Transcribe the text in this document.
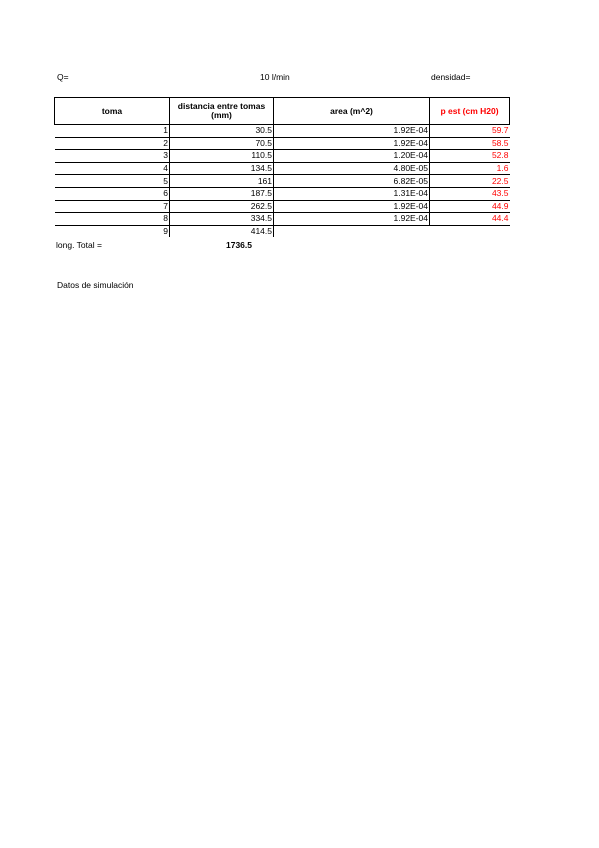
Q=	10 l/min	densidad=
toma	distancia entre tomas (mm)	area (m^2)	p est (cm H20)
1	30.5	1.92E-04	59.7
2	70.5	1.92E-04	58.5
3	110.5	1.20E-04	52.8
4	134.5	4.80E-05	1.6
5	161	6.82E-05	22.5
6	187.5	1.31E-04	43.5
7	262.5	1.92E-04	44.9
8	334.5	1.92E-04	44.4
9	414.5		
long. Total =	1736.5
Datos de simulación
